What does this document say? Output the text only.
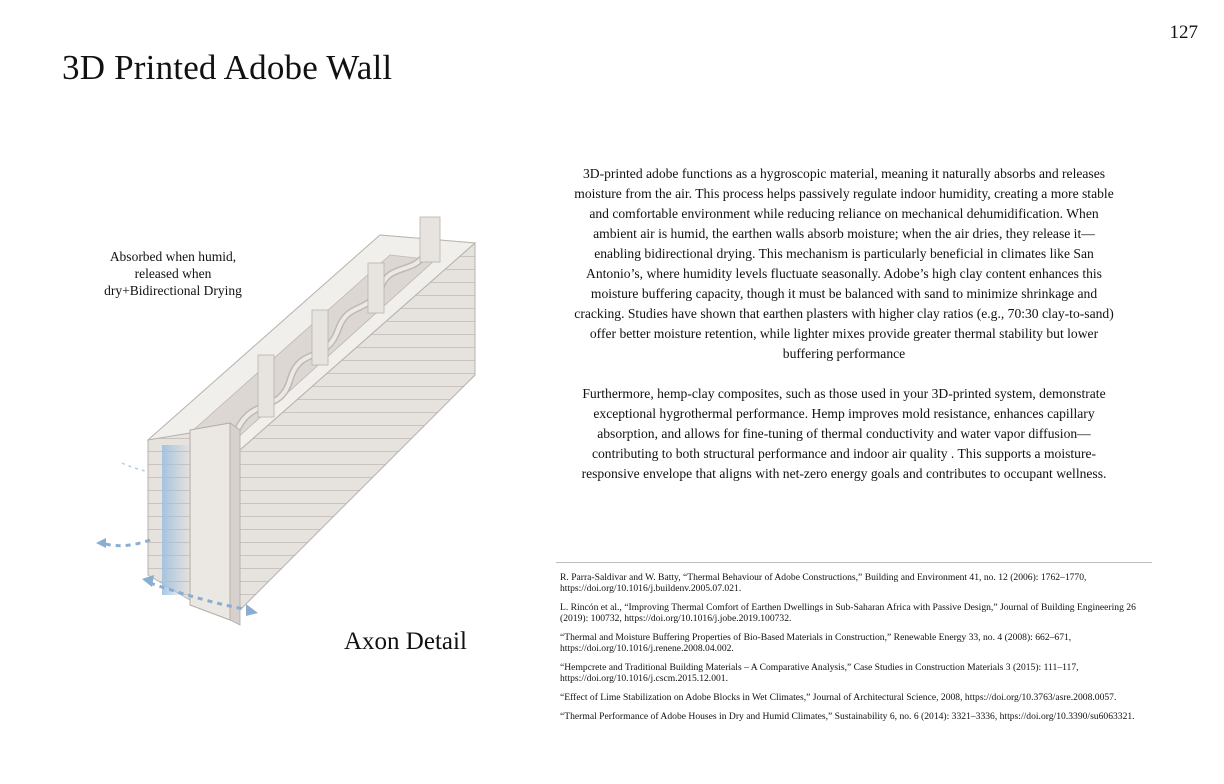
127
3D Printed Adobe Wall
Absorbed when humid, released when dry+Bidirectional Drying
Axon Detail

3D-printed adobe functions as a hygroscopic material, meaning it naturally absorbs and releases moisture from the air. This process helps passively regulate indoor humidity, creating a more stable and comfortable environment while reducing reliance on mechanical dehumidification. When ambient air is humid, the earthen walls absorb moisture; when the air dries, they release it—enabling bidirectional drying. This mechanism is particularly beneficial in climates like San Antonio’s, where humidity levels fluctuate seasonally. Adobe’s high clay content enhances this moisture buffering capacity, though it must be balanced with sand to minimize shrinkage and cracking. Studies have shown that earthen plasters with higher clay ratios (e.g., 70:30 clay-to-sand) offer better moisture retention, while lighter mixes provide greater thermal stability but lower buffering performance

Furthermore, hemp-clay composites, such as those used in your 3D-printed system, demonstrate exceptional hygrothermal performance. Hemp improves mold resistance, enhances capillary absorption, and allows for fine-tuning of thermal conductivity and water vapor diffusion—contributing to both structural performance and indoor air quality . This supports a moisture-responsive envelope that aligns with net-zero energy goals and contributes to occupant wellness.

R. Parra-Saldivar and W. Batty, “Thermal Behaviour of Adobe Constructions,” Building and Environment 41, no. 12 (2006): 1762–1770, https://doi.org/10.1016/j.buildenv.2005.07.021.

L. Rincón et al., “Improving Thermal Comfort of Earthen Dwellings in Sub-Saharan Africa with Passive Design,” Journal of Building Engineering 26 (2019): 100732, https://doi.org/10.1016/j.jobe.2019.100732.

“Thermal and Moisture Buffering Properties of Bio-Based Materials in Construction,” Renewable Energy 33, no. 4 (2008): 662–671, https://doi.org/10.1016/j.renene.2008.04.002.

“Hempcrete and Traditional Building Materials – A Comparative Analysis,” Case Studies in Construction Materials 3 (2015): 111–117, https://doi.org/10.1016/j.cscm.2015.12.001.

“Effect of Lime Stabilization on Adobe Blocks in Wet Climates,” Journal of Architectural Science, 2008, https://doi.org/10.3763/asre.2008.0057.

“Thermal Performance of Adobe Houses in Dry and Humid Climates,” Sustainability 6, no. 6 (2014): 3321–3336, https://doi.org/10.3390/su6063321.
